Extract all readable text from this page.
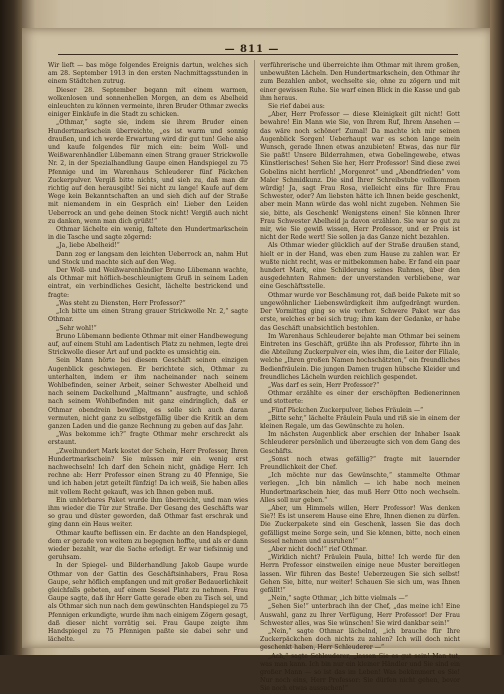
— 811 —

Wir lieft — bas möge folgendes Ereignis dartun, welches sich am 28. September 1913 in den ersten Nachmittagsstunden in einem Städtchen zutrug.

Dieser 28. September begann mit einem warmen, wolkenlosen und sonnenhellen Morgen, an dem es Abelheid einleuchten zu können vermeinte, ihren Bruder Othmar zwecks einiger Einkäufe in die Stadt zu schicken.

„Othmar,“ sagte sie, indem sie ihrem Bruder einen Hundertmarkschein überreichte, „es ist warm und sonnig draußen, und ich werde Erwartung wird dir gut tun! Gehe also und kaufe folgendes für mich ein: beim Woll- und Weißwarenhändler Lübemann einen Strang grauer Strickwolle Nr. 2, in der Spezialhandlung Gaupe einen Handspiegel zu 75 Pfennige und im Warenhaus Schleuderer fünf Päckchen Zuckerpulver. Vergiß bitte nichts, und sieh zu, daß man dir richtig auf den herausgibt! Sei nicht zu lange! Kaufe auf dem Wege kein Bekanntschaften an und sieh dich auf der Straße mit niemandem in ein Gespräch ein! Lieber den Leiden Ueberrock an und gehe deinen Stock nicht! Vergiß auch nicht zu danken, wenn man dich grüßt!“

Othmar lächelte ein wenig, faltete den Hundertmarkschein in die Tasche und sagte zögernd:

„Ja, liebe Abelheid!“

Dann zog er langsam den leichten Ueberrock an, nahm Hut und Stock und machte sich auf den Weg.

Der Woll- und Weißwarenhändler Bruno Lübemann wachte, als Othmar mit höflich-beschleunigtem Gruß in seinem Laden eintrat, ein verbindliches Gesicht, lächelte bestrickend und fragte:

„Was steht zu Diensten, Herr Professor?“

„Ich bitte um einen Strang grauer Strickwolle Nr. 2,“ sagte Othmar.

„Sehr wohl!“

Bruno Lübemann bediente Othmar mit einer Handbewegung auf, auf einem Stuhl am Ladentisch Platz zu nehmen, legte drei Strickwolle dieser Art auf und packte es umsichtig ein.

Sein Mann hörte bei diesem Geschäft seinen einzigen Augenblick geschwiegen. Er berichtete sich, Othmar zu unterhalten, indem er ihm nacheinander nach seinem Wohlbefinden, seiner Arbeit, seiner Schwester Abelheid und nach seinem Dackelhund „Maltmann“ ausfragte, und schloß nach seinem Wohlbefinden mit ganz eindringlich, daß er Othmar obendrein bewillige, es solle sich auch daran vermuten, nicht ganz zu selbstgefällig über die Kritik an dem ganzen Laden und die ganze Rechnung zu geben auf das Jahr.

„Was bekomme ich?“ fragte Othmar mehr erschreckt als erstaunt.

„Zweihundert Mark kostet der Schein, Herr Professor, Ihren Hundertmarkschein? Sie müssen mir ein wenig erst nachwechseln! Ich darf den Schein nicht, gnädige Herr. Ich rechne ab: Herr Professor einen Strang zu 40 Pfennige, Sie und ich haben jetzt geteilt fünfzig! Da ich weiß, Sie haben alles mit vollem Recht gekauft, was ich Ihnen geben muß.

Ein unhörbares Paket wurde ihm überreicht, und man wies ihm wieder die Tür zur Straße. Der Gesang des Geschäfts war so grau und düster geworden, daß Othmar fast erschrak und ging dann ein Haus weiter.

Othmar kaufte beflissen ein. Er dachte an den Handspiegel, dem er gerade von weitem zu begegnen hoffte, und als er dann wieder bezahlt, war die Sache erledigt. Er war tiefsinnig und geruhsam.

In der Spiegel- und Bilderhandlung Jakob Gaupe wurde Othmar von der Gattin des Geschäftsinhabers, Frau Rosa Gaupe, sehr höflich empfangen und mit großer Bedauerlichkeit gleichfalls gebeten, auf einem Sessel Platz zu nehmen. Frau Gaupe sagte, daß ihr Herr Gatte gerade eben zu Tisch sei, und als Othmar sich nun nach dem gewünschten Handspiegel zu 75 Pfennigen erkundigte, wurde ihm nach einigem Zögern gesagt, daß dieser nicht vorrätig sei. Frau Gaupe zeigte ihm Handspiegel zu 75 Pfennigen paßte sie dabei sehr und lächelte.

verführerische und überreichte ihm Othmar mit ihrem großen, unbewußten Lächeln. Den Hundertmarkschein, den Othmar ihr zum Bezahlen anbot, wechselte sie, ohne zu zögern und mit einer gewissen Ruhe. Sie warf einen Blick in die Kasse und gab ihm heraus.

Sie rief dabei aus:

„Aber, Herr Professor — diese Kleinigkeit gilt nicht! Gott bewahre! Ein Mann wie Sie, von Ihrem Ruf, Ihrem Ansehen — das wäre noch schöner! Zumal! Da machte ich mir seinen Augenblick Sorgen! Ueberhaupt war es schon lange mein Wunsch, gerade Ihnen etwas anzubieten! Etwas, das nur für Sie paßt! Unsere Bilderrahmen, etwa Gobelingewebe, etwas Künstlerisches! Sehen Sie her, Herr Professor! Sind diese zwei Gobelins nicht herrlich! „Morgenrot“ und „Abendfrieden“ vom Maler Schmidkunz. Die sind Ihrer Schreibstube vollkommen würdig! Ja, sagt Frau Rosa, vielleicht eins für Ihre Frau Schwester, oder? Am liebsten hätte ich Ihnen beide geschenkt, aber mein Mann würde das wohl nicht zugeben. Nehmen Sie sie, bitte, als Geschenk! Wenigstens einen! Sie können Ihrer Frau Schwester Abelheid ja davon erzählen. Sie war so gut zu mir, wie Sie gewiß wissen, Herr Professor, und er Preis ist nicht der Rede wert! Sie sollen ja das Ganze nicht bezahlen.

Als Othmar wieder glücklich auf der Straße draußen stand, hielt er in der Hand, was eben zum Hause zu zahlen war. Er wußte nicht recht, was er mitbekommen habe. Er fand ein paar hundert Mark, eine Schilderung seines Ruhmes, über den ausgedehnten Rahmen: der unverstanden verbliebene, war eine Geschäftsstelle.

Othmar wurde vor Beschämung rot, daß beide Pakete mit so ungewöhnlicher Liebenswürdigkeit ihm aufgedrängt wurden. Der Vormittag ging so wie vorher. Schwere Paket war das erste, welches er bei sich trug; ihm kam der Gedanke, er habe das Geschäft unabsichtlich bestohlen.

Im Warenhaus Schleuderer bejahte man Othmar bei seinem Eintreten ins Geschäft, grüßte ihn als Professor, führte ihn in die Abteilung Zuckerpulver ein, wies ihm, die Leiter der Filiale, welche „Ihren großen Namen hochschätzten,“ ein freundliches Bedienfräulein. Die jungen Damen trugen hübsche Kleider und freundliches Lächeln wurden reichlich gespendet.

„Was darf es sein, Herr Professor?“

Othmar erzählte es einer der erschöpften Bedienerinnen und stotterte:

„Fünf Päckchen Zuckerpulver, liebes Fräulein —“

„Bitte sehr,“ lächelte Fräulein Paula und riß sie in einem der kleinen Regale, um das Gewünschte zu holen.

Im nächsten Augenblick aber erschien der Inhaber Isaak Schleuderer persönlich und überzeugte sich von dem Gang des Geschäfts.

„Sonst noch etwas gefällig?“ fragte mit lauernder Freundlichkeit der Chef.

„Ich möchte nur das Gewünschte,“ stammelte Othmar verlegen. „Ich bin nämlich — ich habe noch meinen Hundertmarkschein hier, das muß Herr Otto noch wechseln. Alles soll nur geben.“

„Aber, um Himmels willen, Herr Professor! Was denken Sie?! Es ist unserem Hause eine Ehre, Ihnen dienen zu dürfen. Die Zuckerpakete sind ein Geschenk, lassen Sie das doch gefälligst meine Sorge sein, und Sie können, bitte, noch einen Sessel nehmen und ausruhen!“

„Aber nicht doch!“ rief Othmar.

„Wirklich nicht? Fräulein Paula, bitte! Ich werde für den Herrn Professor einstweilen einige neue Muster bereitlegen lassen. Wir führen das Beste! Ueberzeugen Sie sich selbst! Gehen Sie, bitte, nur weiter! Schauen Sie sich um, was Ihnen gefällt!“

„Nein,“ sagte Othmar, „ich bitte vielmals —“

„Sehen Sie!“ unterbrach ihn der Chef, „das meine ich! Eine Auswahl, ganz zu Ihrer Verfügung, Herr Professor! Der Frau Schwester alles, was Sie wünschen! Sie wird dankbar sein!“

„Nein,“ sagte Othmar lächelnd, „ich brauche für Ihre Zuckerpäckchen doch nichts zu zahlen? Ich will doch nicht geschenkt haben, Herr Schleuderer —“

„Ach,“ sagte Schleuderer, „lassen Sie es gut sein! Man tut, was man kann. Ich bin nur ein kleiner Händler und Sie sind ein großer Mann — so ist das im Leben! Was bekümmert es Sie! Nur noch eins, Herr Professor: Sie dürfen nicht gehen, bevor Sie noch etwas aussuchen!“
